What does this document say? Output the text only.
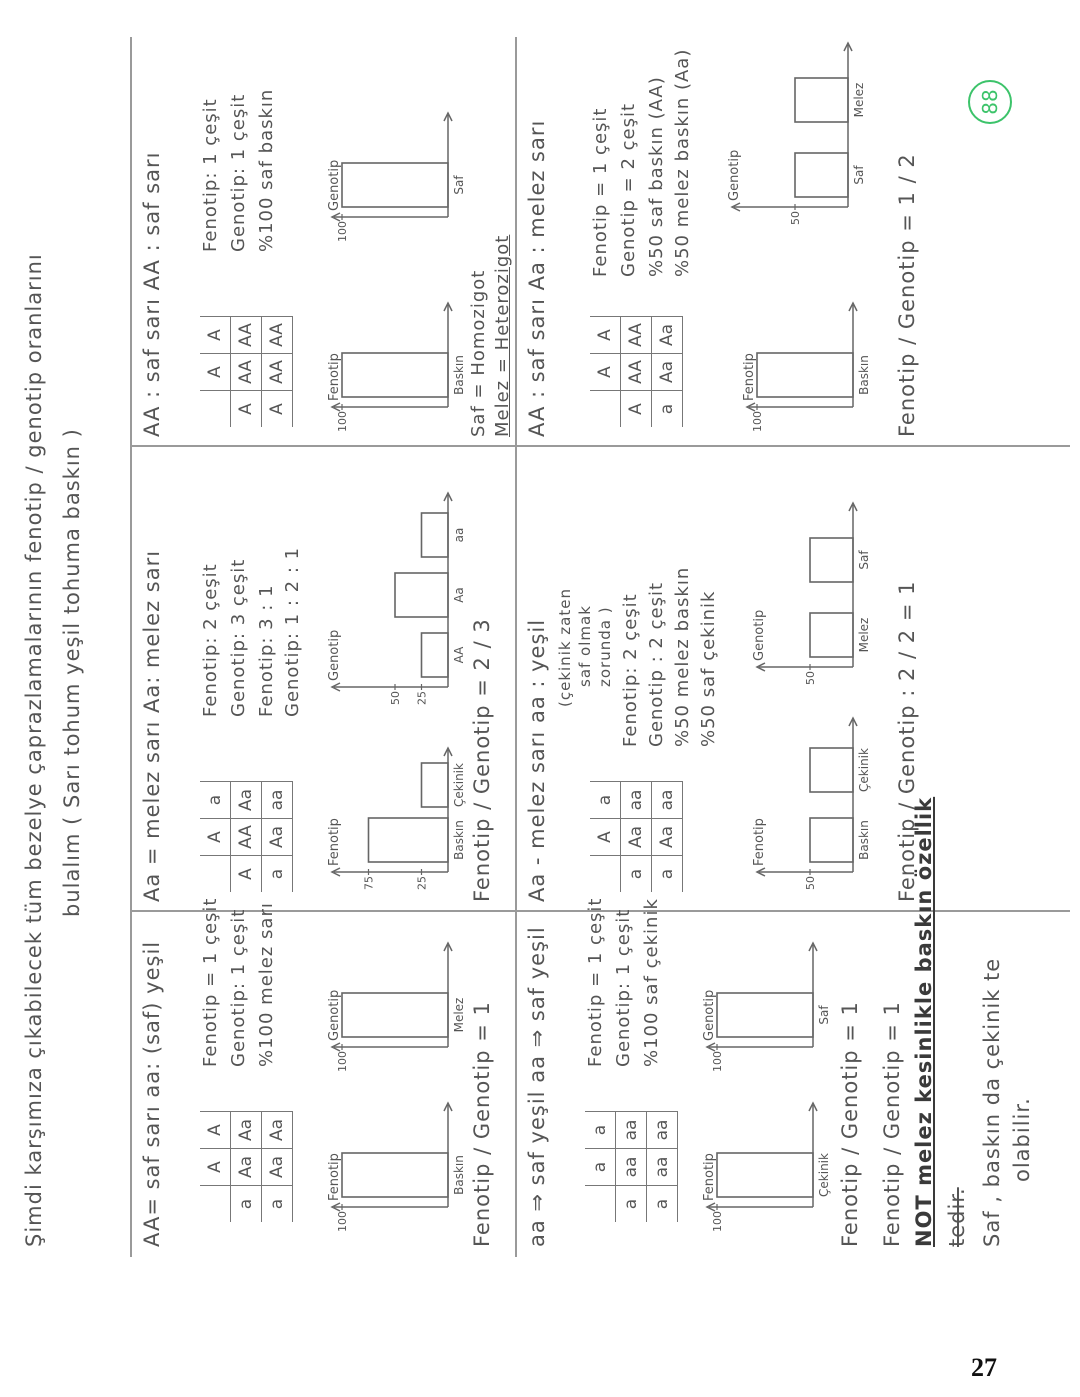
Şimdi karşımıza çıkabilecek tüm bezelye çaprazlamalarının fenotip / genotip oranlarını bulalım ( Sarı tohum yeşil tohuma baskın )
AA= saf sarı aa: (saf) yeşil
	A	A
a	Aa	Aa
a	Aa	Aa
Fenotip = 1 çeşit Genotip: 1 çeşit %100 melez sarı
Fenotip
100
Baskın
Genotip
100
Melez Fenotip / Genotip = 1
Aa = melez sarı Aa: melez sarı
	A	a
A	AA	Aa
a	Aa	aa
Fenotip: 2 çeşit Genotip: 3 çeşit Fenotip: 3 : 1 Genotip: 1 : 2 : 1
Fenotip
75	25
Baskın
Çekinik
Genotip
50 25
AA
Aa
aa
Fenotip / Genotip = 2 / 3
AA : saf sarı AA : saf sarı
	A	A
A	AA	AA
A	AA	AA
Fenotip: 1 çeşit Genotip: 1 çeşit %100 saf baskın
Fenotip
100
Baskın
Genotip
100
Saf
Saf = Homozigot Melez = Heterozigot
aa ⇒ saf yeşil aa ⇒ saf yeşil
	a	a
a	aa	aa
a	aa	aa
Fenotip = 1 çeşit Genotip: 1 çeşit %100 saf çekinik
Fenotip
100
Çekinik
Genotip
100
Saf Fenotip / Genotip = 1
Aa - melez sarı aa : yeşil (çekinik zaten saf olmak zorunda )
	A	a
a	Aa	aa
a	Aa	aa
Fenotip: 2 çeşit Genotip : 2 çeşit %50 melez baskın %50 saf çekinik
Fenotip
50
Baskın
Çekinik
Genotip
50
Melez
Saf
Fenotip / Genotip : 2 / 2 = 1
AA : saf sarı Aa : melez sarı
		A	A
A	AA	AA
a	Aa	Aa
Fenotip = 1 çeşit Genotip = 2 çeşit %50 saf baskın (AA) %50 melez baskın (Aa)
Fenotip
100
Baskın
Genotip
50
Saf
Melez
Fenotip / Genotip = 1 / 2
Fenotip / Genotip = 1 NOT melez kesinlikle baskın özellik tedir. Saf , baskın da çekinik te olabilir.
88
27
